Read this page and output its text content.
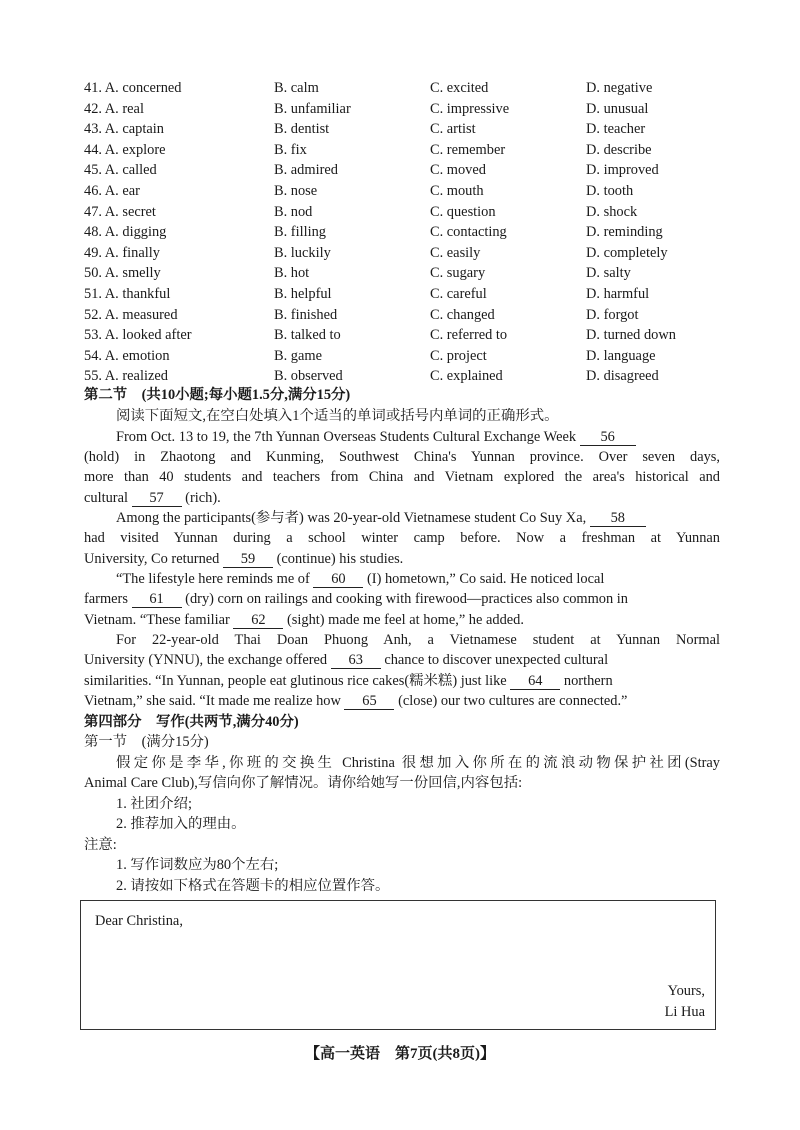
41. A. concerned	B. calm	C. excited	D. negative
42. A. real	B. unfamiliar	C. impressive	D. unusual
43. A. captain	B. dentist	C. artist	D. teacher
44. A. explore	B. fix	C. remember	D. describe
45. A. called	B. admired	C. moved	D. improved
46. A. ear	B. nose	C. mouth	D. tooth
47. A. secret	B. nod	C. question	D. shock
48. A. digging	B. filling	C. contacting	D. reminding
49. A. finally	B. luckily	C. easily	D. completely
50. A. smelly	B. hot	C. sugary	D. salty
51. A. thankful	B. helpful	C. careful	D. harmful
52. A. measured	B. finished	C. changed	D. forgot
53. A. looked after	B. talked to	C. referred to	D. turned down
54. A. emotion	B. game	C. project	D. language
55. A. realized	B. observed	C. explained	D. disagreed
第二节　(共10小题;每小题1.5分,满分15分)
阅读下面短文,在空白处填入1个适当的单词或括号内单词的正确形式。
From Oct. 13 to 19, the 7th Yunnan Overseas Students Cultural Exchange Week 56
(hold) in Zhaotong and Kunming, Southwest China's Yunnan province. Over seven days,
more than 40 students and teachers from China and Vietnam explored the area's historical and
cultural 57 (rich).
Among the participants(参与者) was 20-year-old Vietnamese student Co Suy Xa, 58
had visited Yunnan during a school winter camp before. Now a freshman at Yunnan
University, Co returned 59 (continue) his studies.
“The lifestyle here reminds me of 60 (I) hometown,” Co said. He noticed local
farmers 61 (dry) corn on railings and cooking with firewood—practices also common in
Vietnam. “These familiar 62 (sight) made me feel at home,” he added.
For 22-year-old Thai Doan Phuong Anh, a Vietnamese student at Yunnan Normal
University (YNNU), the exchange offered 63 chance to discover unexpected cultural
similarities. “In Yunnan, people eat glutinous rice cakes(糯米糕) just like 64 northern
Vietnam,” she said. “It made me realize how 65 (close) our two cultures are connected.”
第四部分　写作(共两节,满分40分)
第一节　(满分15分)
假定你是李华,你班的交换生 Christina 很想加入你所在的流浪动物保护社团(Stray
Animal Care Club),写信向你了解情况。请你给她写一份回信,内容包括:
1. 社团介绍;
2. 推荐加入的理由。
注意:
1. 写作词数应为80个左右;
2. 请按如下格式在答题卡的相应位置作答。
Dear Christina,
Yours,
Li Hua
【高一英语　第7页(共8页)】
